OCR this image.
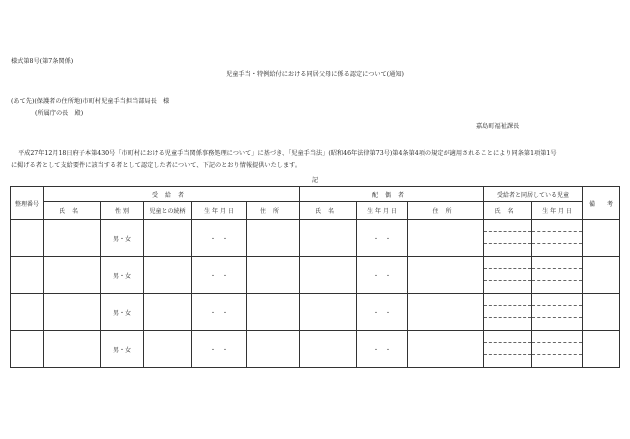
様式第8号(第7条関係)
児童手当・特例給付における同居父母に係る認定について(通知)
(あて先)(保護者の住所地)市町村児童手当担当部局長　様
(所属庁の長　殿)
嘉島町福祉課長
平成27年12月18日府子本第430号「市町村における児童手当関係事務処理について」に基づき、「児童手当法」(昭和46年法律第73号)第4条第4項の規定が適用されることにより同条第1項第1号
に掲げる者として支給要件に該当する者として認定した者について、下記のとおり情報提供いたします。
記
整理番号	受給者					配偶者			受給者と同居している児童		備　　考
	氏名	性 別	児童との続柄	生 年 月 日	住所	氏名	生 年 月 日	住所	氏名	生 年 月 日	
		男・女		・　・			・　・		

		男・女		・　・			・　・		

		男・女		・　・			・　・		

		男・女		・　・			・　・		
